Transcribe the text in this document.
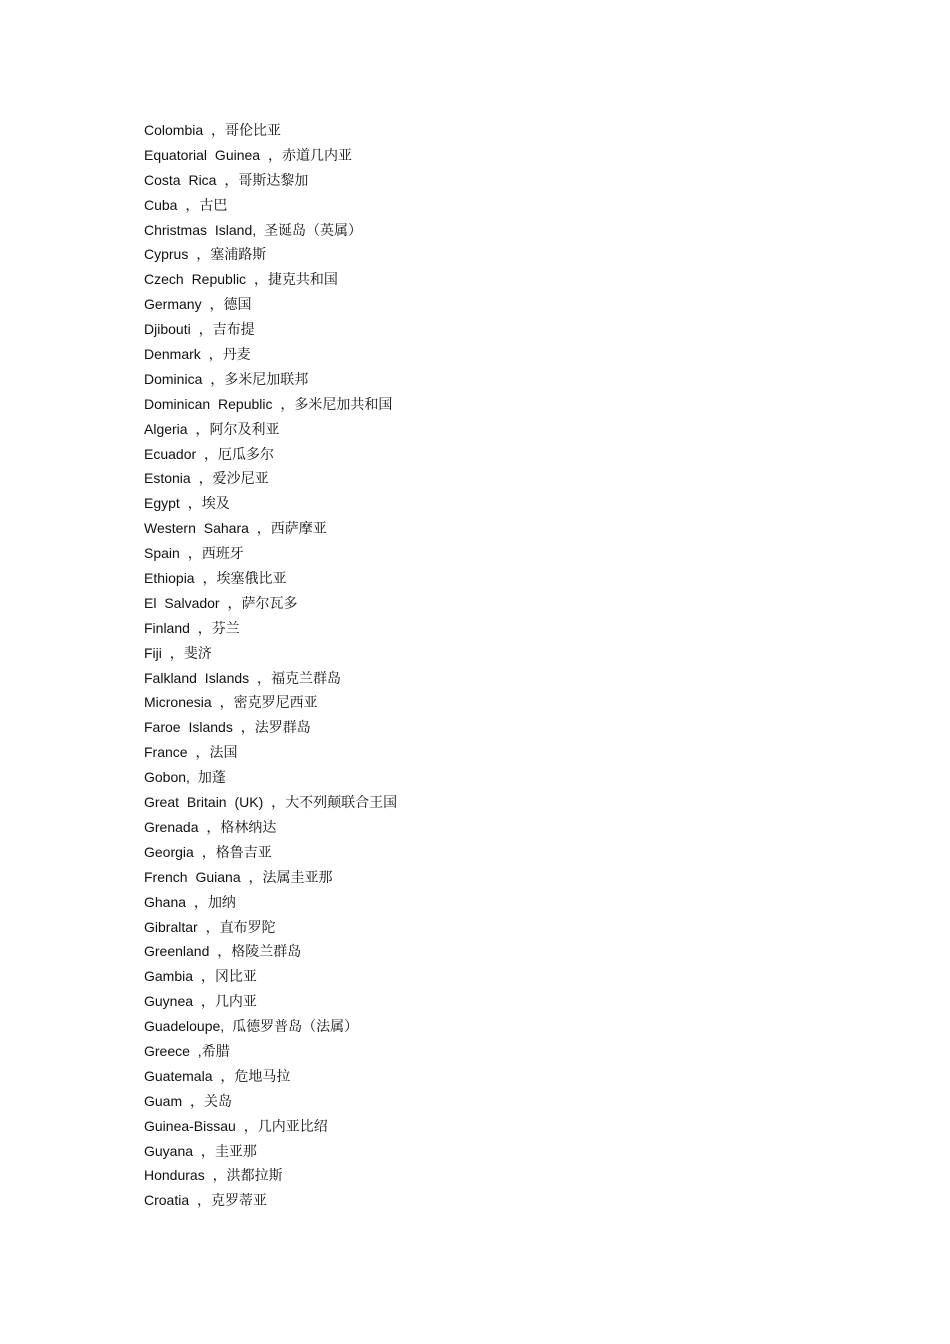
Colombia ，哥伦比亚
Equatorial Guinea ，赤道几内亚
Costa Rica ，哥斯达黎加
Cuba ，古巴
Christmas Island, 圣诞岛（英属）
Cyprus ，塞浦路斯
Czech Republic ，捷克共和国
Germany ，德国
Djibouti ，吉布提
Denmark ，丹麦
Dominica ，多米尼加联邦
Dominican Republic ，多米尼加共和国
Algeria ，阿尔及利亚
Ecuador ，厄瓜多尔
Estonia ，爱沙尼亚
Egypt ，埃及
Western Sahara ，西萨摩亚
Spain ，西班牙
Ethiopia ，埃塞俄比亚
El Salvador ，萨尔瓦多
Finland ，芬兰
Fiji ，斐济
Falkland Islands ，福克兰群岛
Micronesia ，密克罗尼西亚
Faroe Islands ，法罗群岛
France ，法国
Gobon, 加蓬
Great Britain (UK) ，大不列颠联合王国
Grenada ，格林纳达
Georgia ，格鲁吉亚
French Guiana ，法属圭亚那
Ghana ，加纳
Gibraltar ，直布罗陀
Greenland ，格陵兰群岛
Gambia ，冈比亚
Guynea ，几内亚
Guadeloupe, 瓜德罗普岛（法属）
Greece ,希腊
Guatemala ，危地马拉
Guam ，关岛
Guinea-Bissau ，几内亚比绍
Guyana ，圭亚那
Honduras ，洪都拉斯
Croatia ，克罗蒂亚
